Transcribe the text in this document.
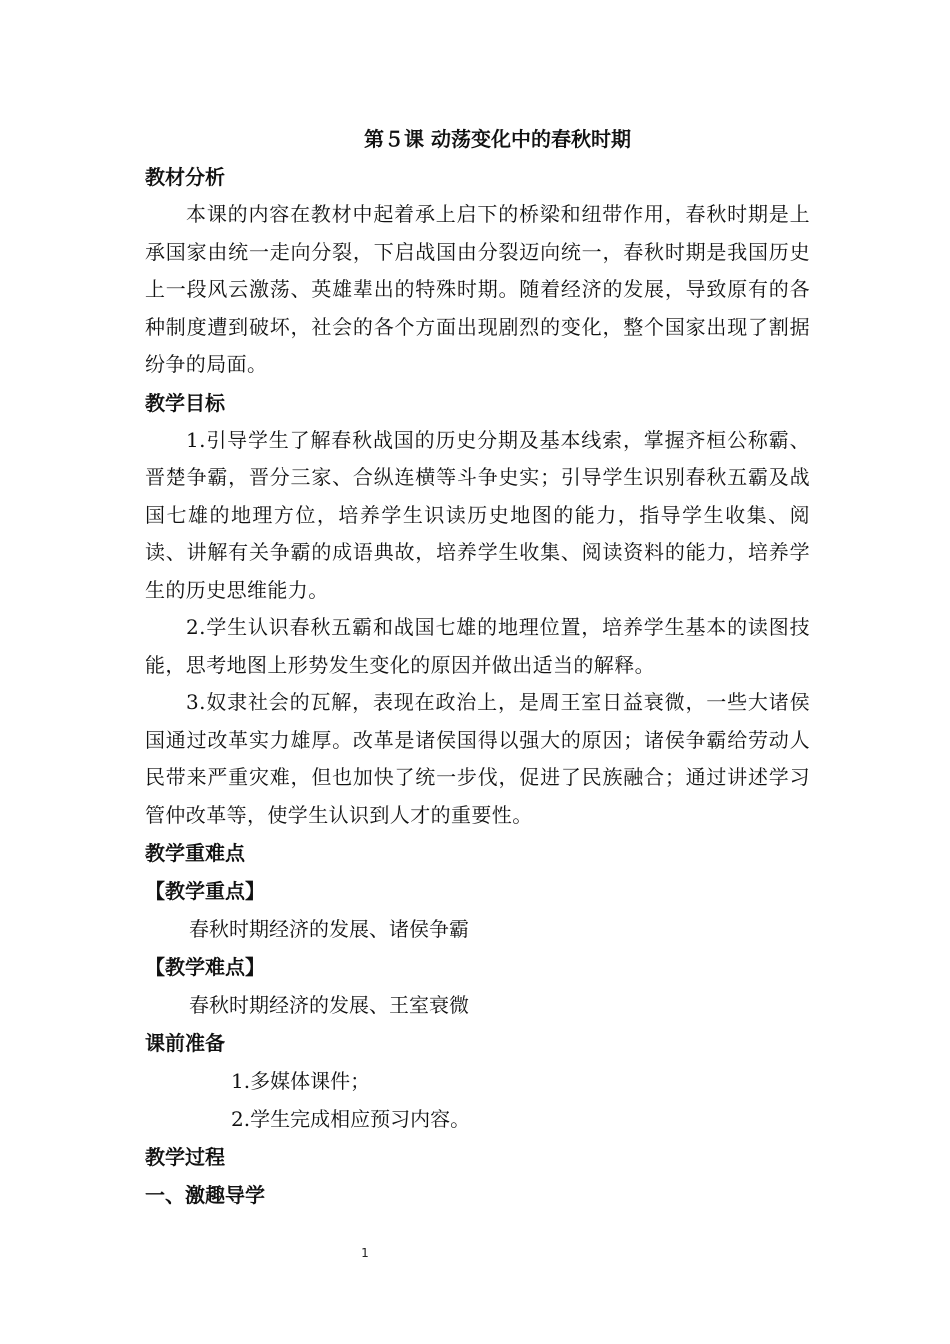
第５课 动荡变化中的春秋时期

教材分析

本课的内容在教材中起着承上启下的桥梁和纽带作用，春秋时期是上承国家由统一走向分裂，下启战国由分裂迈向统一，春秋时期是我国历史上一段风云激荡、英雄辈出的特殊时期。随着经济的发展，导致原有的各种制度遭到破坏，社会的各个方面出现剧烈的变化，整个国家出现了割据纷争的局面。

教学目标

1.引导学生了解春秋战国的历史分期及基本线索，掌握齐桓公称霸、晋楚争霸，晋分三家、合纵连横等斗争史实；引导学生识别春秋五霸及战国七雄的地理方位，培养学生识读历史地图的能力，指导学生收集、阅读、讲解有关争霸的成语典故，培养学生收集、阅读资料的能力，培养学生的历史思维能力。

2.学生认识春秋五霸和战国七雄的地理位置，培养学生基本的读图技能，思考地图上形势发生变化的原因并做出适当的解释。

3.奴隶社会的瓦解，表现在政治上，是周王室日益衰微，一些大诸侯国通过改革实力雄厚。改革是诸侯国得以强大的原因；诸侯争霸给劳动人民带来严重灾难，但也加快了统一步伐，促进了民族融合；通过讲述学习管仲改革等，使学生认识到人才的重要性。

教学重难点

【教学重点】

春秋时期经济的发展、诸侯争霸

【教学难点】

春秋时期经济的发展、王室衰微

课前准备

1.多媒体课件；

2.学生完成相应预习内容。

教学过程

一、激趣导学

1
